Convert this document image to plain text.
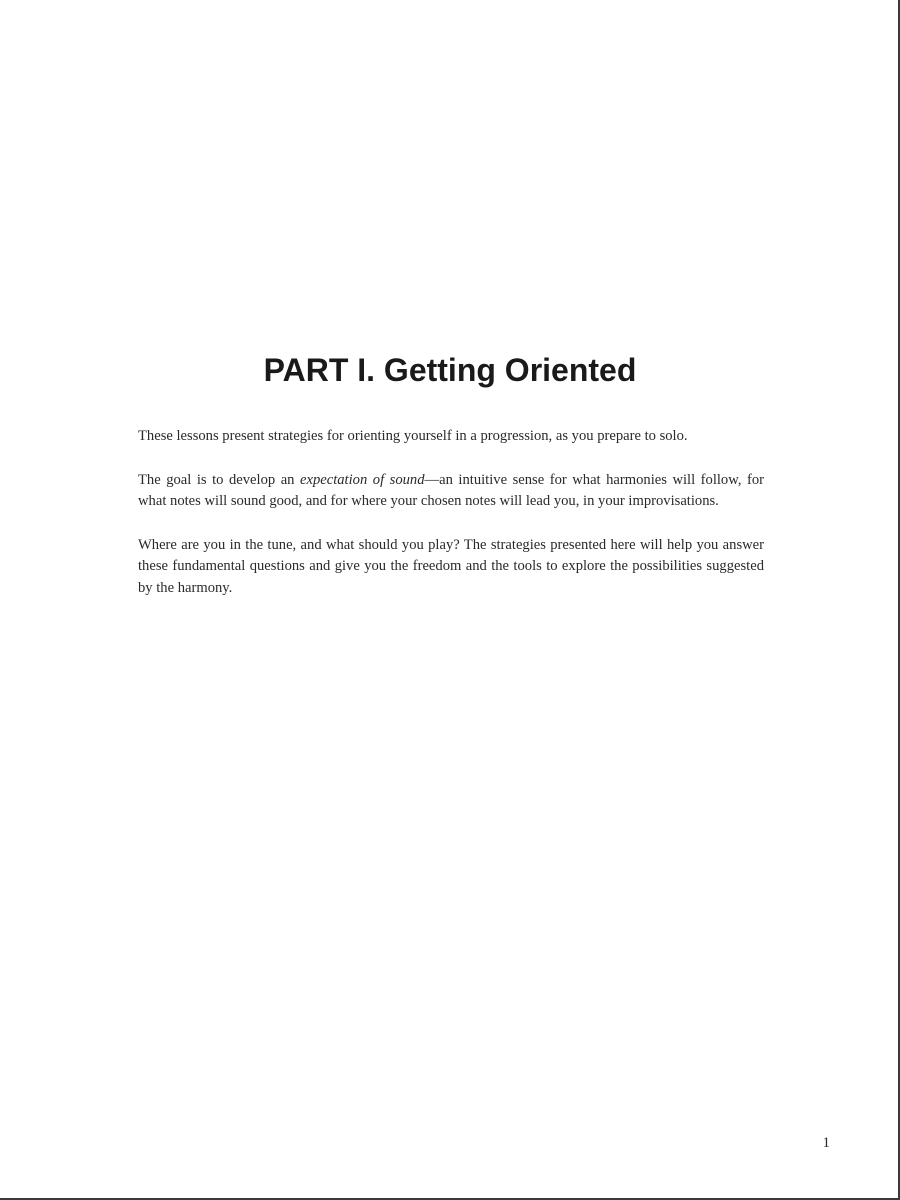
PART I. Getting Oriented

These lessons present strategies for orienting yourself in a progression, as you prepare to solo.

The goal is to develop an expectation of sound—an intuitive sense for what harmonies will follow, for what notes will sound good, and for where your chosen notes will lead you, in your improvisations.

Where are you in the tune, and what should you play? The strategies presented here will help you answer these fundamental questions and give you the freedom and the tools to explore the possibilities suggested by the harmony.

1
